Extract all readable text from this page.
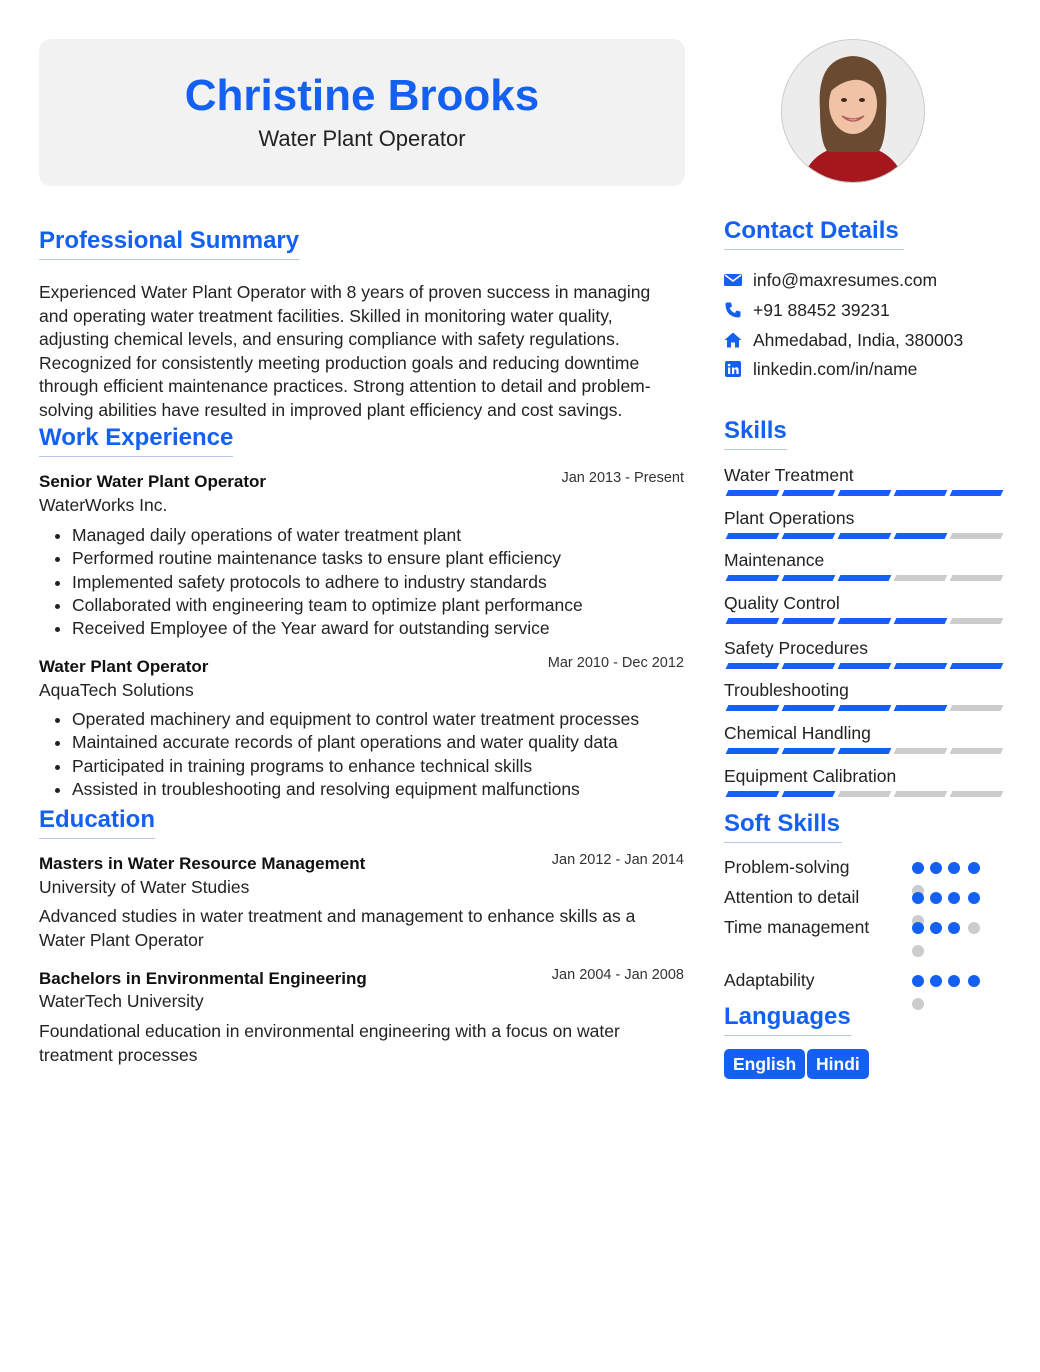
Christine Brooks
Water Plant Operator
Professional Summary
Experienced Water Plant Operator with 8 years of proven success in managing and operating water treatment facilities. Skilled in monitoring water quality, adjusting chemical levels, and ensuring compliance with safety regulations. Recognized for consistently meeting production goals and reducing downtime through efficient maintenance practices. Strong attention to detail and problem-solving abilities have resulted in improved plant efficiency and cost savings.
Work Experience
Senior Water Plant Operator	Jan 2013 - Present
WaterWorks Inc.
• Managed daily operations of water treatment plant
• Performed routine maintenance tasks to ensure plant efficiency
• Implemented safety protocols to adhere to industry standards
• Collaborated with engineering team to optimize plant performance
• Received Employee of the Year award for outstanding service
Water Plant Operator	Mar 2010 - Dec 2012
AquaTech Solutions
• Operated machinery and equipment to control water treatment processes
• Maintained accurate records of plant operations and water quality data
• Participated in training programs to enhance technical skills
• Assisted in troubleshooting and resolving equipment malfunctions
Education
Masters in Water Resource Management	Jan 2012 - Jan 2014
University of Water Studies
Advanced studies in water treatment and management to enhance skills as a Water Plant Operator
Bachelors in Environmental Engineering	Jan 2004 - Jan 2008
WaterTech University
Foundational education in environmental engineering with a focus on water treatment processes
Contact Details
info@maxresumes.com
+91 88452 39231
Ahmedabad, India, 380003
linkedin.com/in/name
Skills
Water Treatment
Plant Operations
Maintenance
Quality Control
Safety Procedures
Troubleshooting
Chemical Handling
Equipment Calibration
Soft Skills
Problem-solving
Attention to detail
Time management
Adaptability
Languages
English	Hindi
